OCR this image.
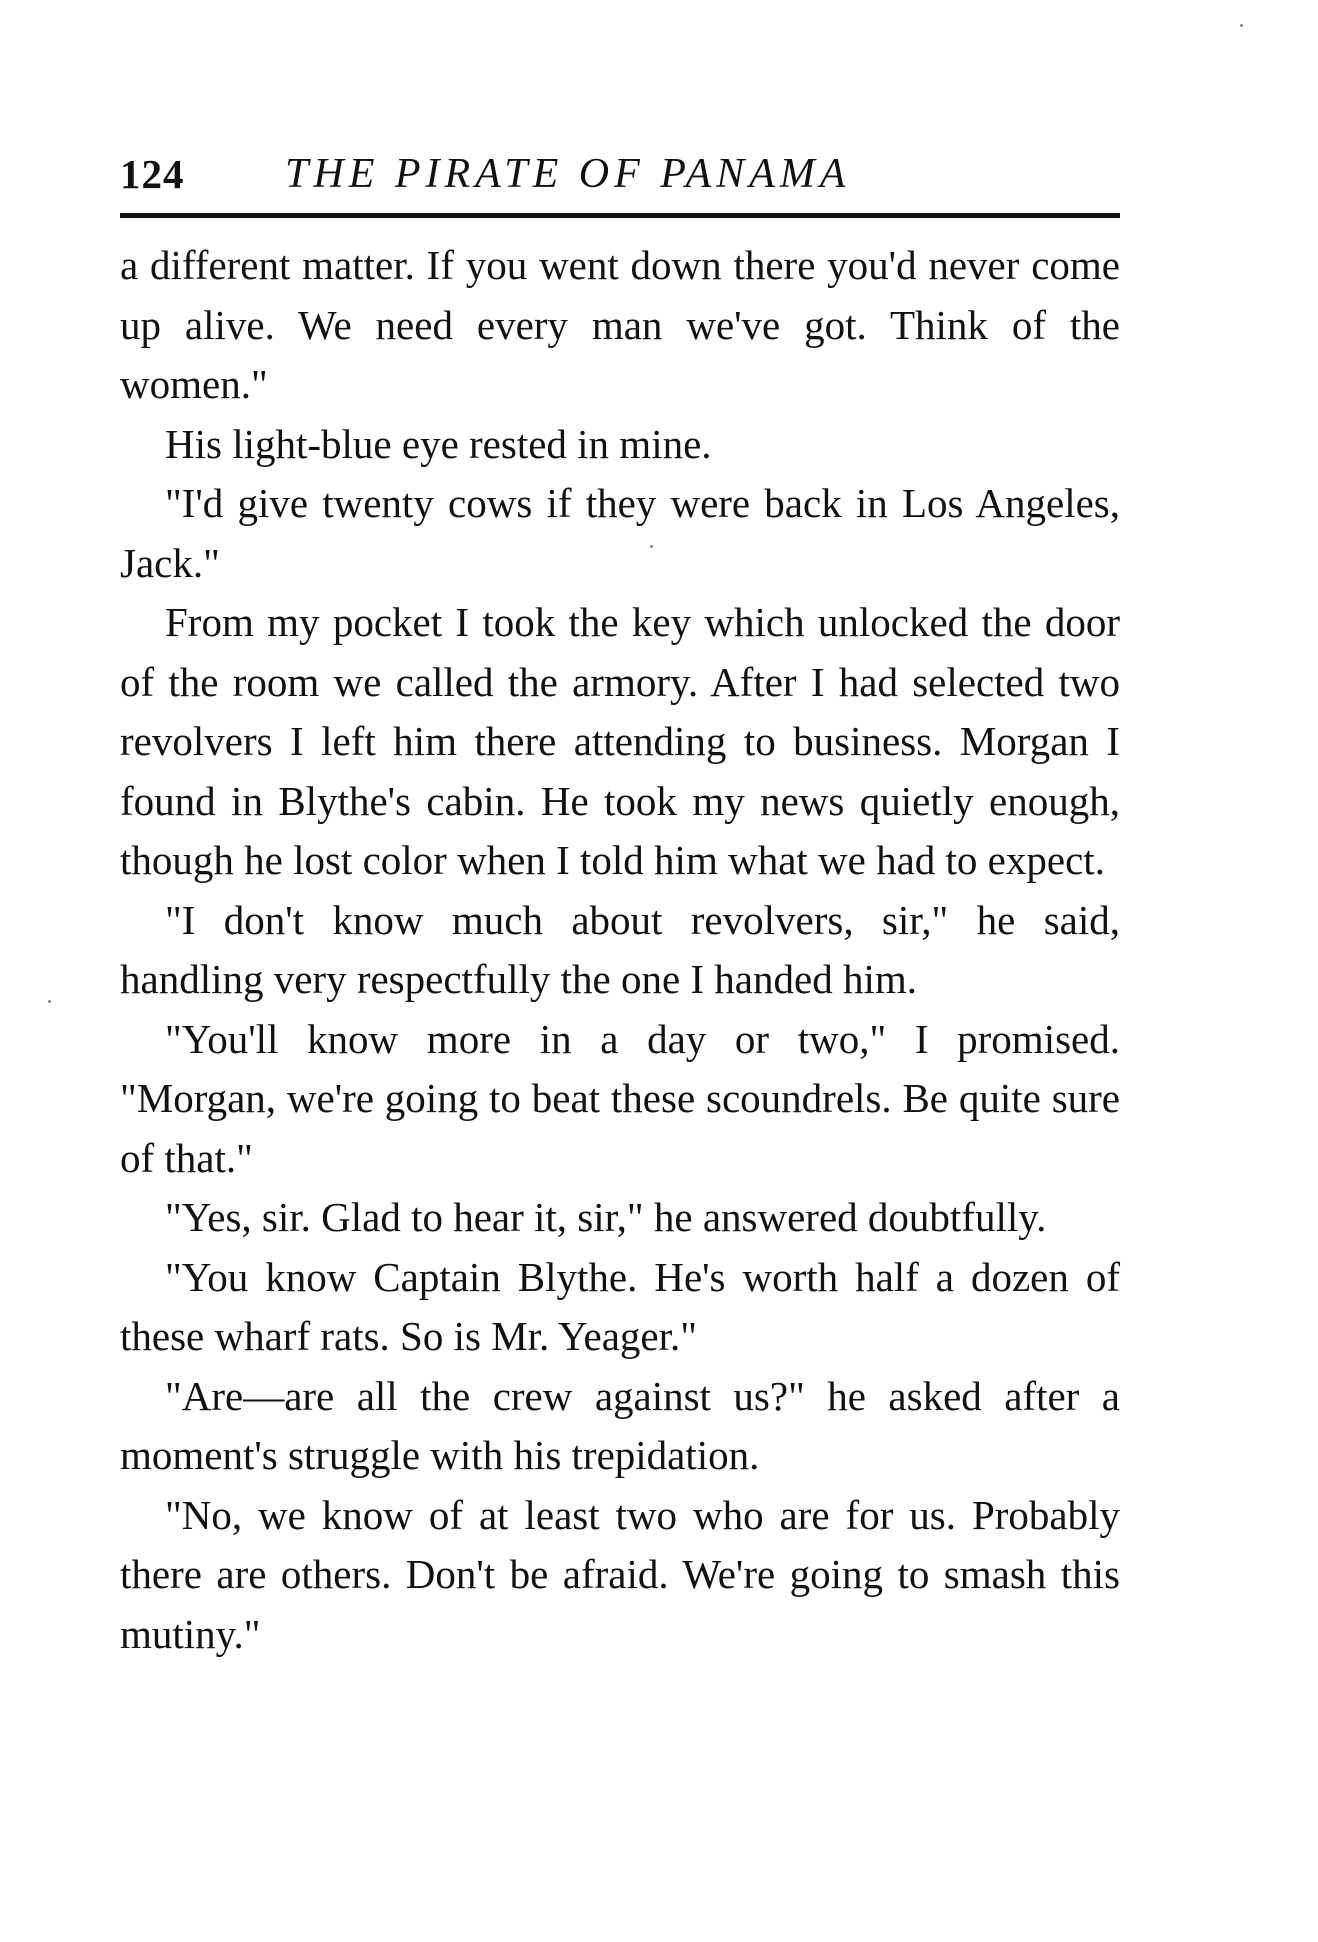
124 THE PIRATE OF PANAMA

a different matter. If you went down there you'd never come up alive. We need every man we've got. Think of the women."

His light-blue eye rested in mine.

"I'd give twenty cows if they were back in Los Angeles, Jack."

From my pocket I took the key which unlocked the door of the room we called the armory. After I had selected two revolvers I left him there attending to business. Morgan I found in Blythe's cabin. He took my news quietly enough, though he lost color when I told him what we had to expect.

"I don't know much about revolvers, sir," he said, handling very respectfully the one I handed him.

"You'll know more in a day or two," I promised. "Morgan, we're going to beat these scoundrels. Be quite sure of that."

"Yes, sir. Glad to hear it, sir," he answered doubtfully.

"You know Captain Blythe. He's worth half a dozen of these wharf rats. So is Mr. Yeager."

"Are—are all the crew against us?" he asked after a moment's struggle with his trepidation.

"No, we know of at least two who are for us. Probably there are others. Don't be afraid. We're going to smash this mutiny."
